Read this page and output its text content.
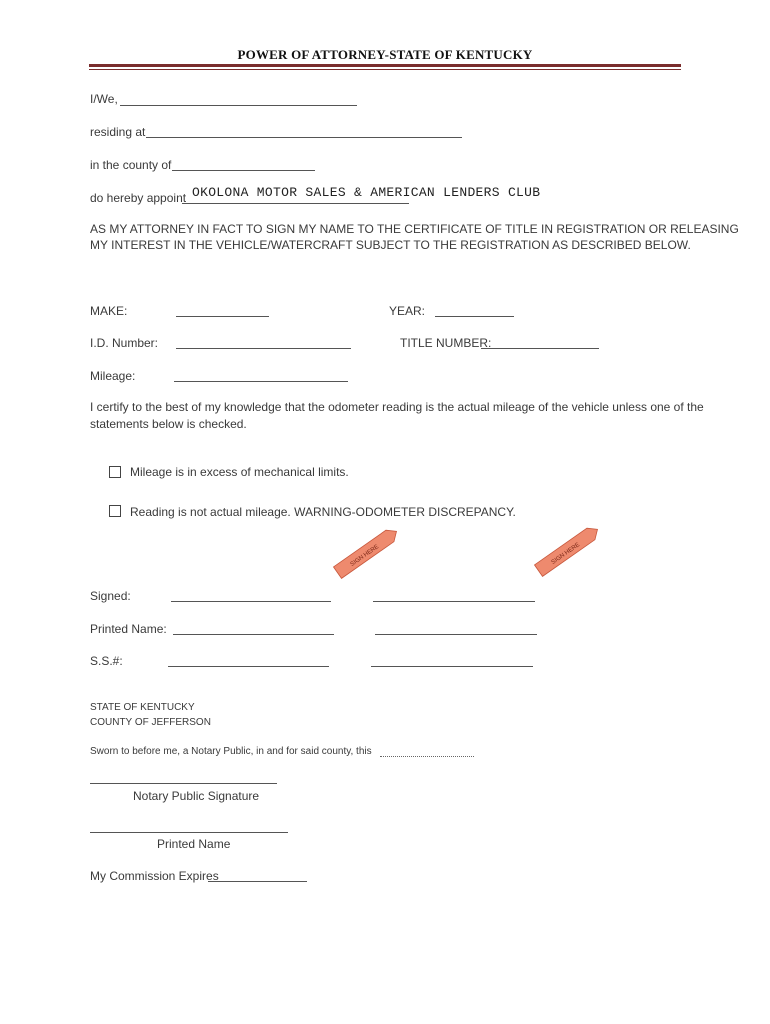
POWER OF ATTORNEY-STATE OF KENTUCKY
I/We,
residing at
in the county of
do hereby appoint OKOLONA MOTOR SALES & AMERICAN LENDERS CLUB
AS MY ATTORNEY IN FACT TO SIGN MY NAME TO THE CERTIFICATE OF TITLE IN REGISTRATION OR RELEASING
MY INTEREST IN THE VEHICLE/WATERCRAFT SUBJECT TO THE REGISTRATION AS DESCRIBED BELOW.
MAKE:	YEAR:
I.D. Number:	TITLE NUMBER:
Mileage:
I certify to the best of my knowledge that the odometer reading is the actual mileage of the vehicle unless one of the
statements below is checked.
Mileage is in excess of mechanical limits.
Reading is not actual mileage. WARNING-ODOMETER DISCREPANCY.
SIGN HERE	SIGN HERE
Signed:
Printed Name:
S.S.#:
STATE OF KENTUCKY
COUNTY OF JEFFERSON
Sworn to before me, a Notary Public, in and for said county, this
Notary Public Signature
Printed Name
My Commission Expires
